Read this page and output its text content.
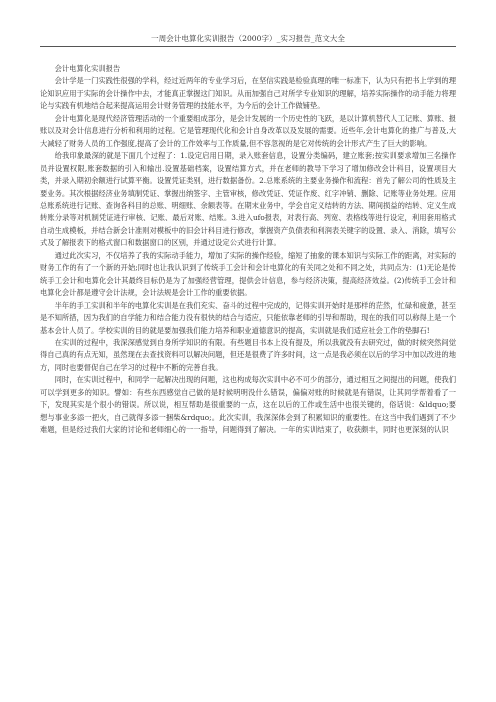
一周会计电算化实训报告（2000字）_实习报告_范文大全

会计电算化实训报告

会计学是一门实践性很强的学科，经过近两年的专业学习后，在坚信实践是检验真理的唯一标准下，认为只有把书上学到的理论知识应用于实际的会计操作中去，才能真正掌握这门知识。从而加强自己对所学专业知识的理解，培养实际操作的动手能力将理论与实践有机地结合起来提高运用会计财务管理的技能水平，为今后的会计工作做铺垫。

会计电算化是现代经济管理活动的一个重要组成部分，是会计发展的一个历史性的飞跃，是以计算机替代人工记账、算账、报账以及对会计信息进行分析和利用的过程。它是管理现代化和会计自身改革以及发展的需要。近些年,会计电算化的推广与普及,大大减轻了财务人员的工作强度,提高了会计的工作效率与工作质量,但不容忽视的是它对传统的会计形式产生了巨大的影响。

给我印象最深的就是下面几个过程了：1.设定启用日期，录入账套信息，设置分类编码，建立账套;按实训要求增加三名操作员并设置权限,账套数据的引入和输出.设置基础档案，设置结算方式，并在老师的教导下学习了增加修改会计科目，设置项目大类，并录入期初余额进行试算平衡。设置凭证类别，进行数据备份。2.总账系统的主要业务操作和流程：首先了解公司的性质及主要业务。其次根据经济业务填制凭证、掌握出纳签字、主管审核，修改凭证、凭证作废、红字冲销、删除、记账等业务处理。应用总账系统进行记账、查询各科目的总账、明细账、余额表等。在期末业务中，学会自定义结转的方法、期间损益的结转、定义生成转账分录等对机制凭证进行审核、记账、最后对账、结账。3.进入ufo报表，对表行高、列宽、表格线等进行设定，利用套用格式自动生成模板，并结合新会计准则对模板中的旧会计科目进行修改，掌握资产负债表和利润表关键字的设置、录入、消除，填写公式及了解报表下的格式窗口和数据窗口的区别，并通过设定公式进行计算。

通过此次实习，不仅培养了我的实际动手能力，增加了实际的操作经验，缩短了抽象的课本知识与实际工作的距离，对实际的财务工作的有了一个新的开始;同时也让我认识到了传统手工会计和会计电算化的有关同之处和不同之处，共同点为：(1)无论是传统手工会计和电算化会计其最终目标仍是为了加强经营管理，提供会计信息，参与经济决策，提高经济效益。(2)传统手工会计和电算化会计都是遵守会计法规，会计法规是会计工作的重要依据。

半年的手工实训和半年的电算化实训是在我们充实、奋斗的过程中完成的，记得实训开始时是那样的茫然，忙碌和疲惫，甚至是不知所措，因为我们的自学能力和结合能力没有很快的结合与适应，只能依靠老师的引导和帮助，现在的我们可以称得上是一个基本会计人员了。学校实训的目的就是要加强我们能力培养和职业道德意识的提高，实训就是我们适应社会工作的垫脚石!

在实训的过程中，我深深感觉到自身所学知识的有限。有些题目书本上没有提及，所以我就没有去研究过，做的时候突然间觉得自己真的有点无知，虽然现在去查找资料可以解决问题，但还是很费了许多时间，这一点是我必须在以后的学习中加以改进的地方，同时也要督促自己在学习的过程中不断的完善自我。

同时，在实训过程中，和同学一起解决出现的问题，这也构成每次实训中必不可少的部分，通过相互之间提出的问题，使我们可以学到更多的知识。譬如：有些东西感觉自己做的是时候明明没什么错误，偏偏对账的时候就是有错误，让其同学帮着看了一下，发现其实是个很小的错误。所以说，相互帮助是很重要的一点，这在以后的工作或生活中也很关键的，俗话说：&ldquo;要想与事业多添一把火，自己就得多添一捆柴&rdquo;。此次实训，我深深体会到了积累知识的重要性。在这当中我们遇到了不少难题，但是经过我们大家的讨论和老师细心的一一指导，问题得到了解决。一年的实训结束了，收获颇丰，同时也更深刻的认识
